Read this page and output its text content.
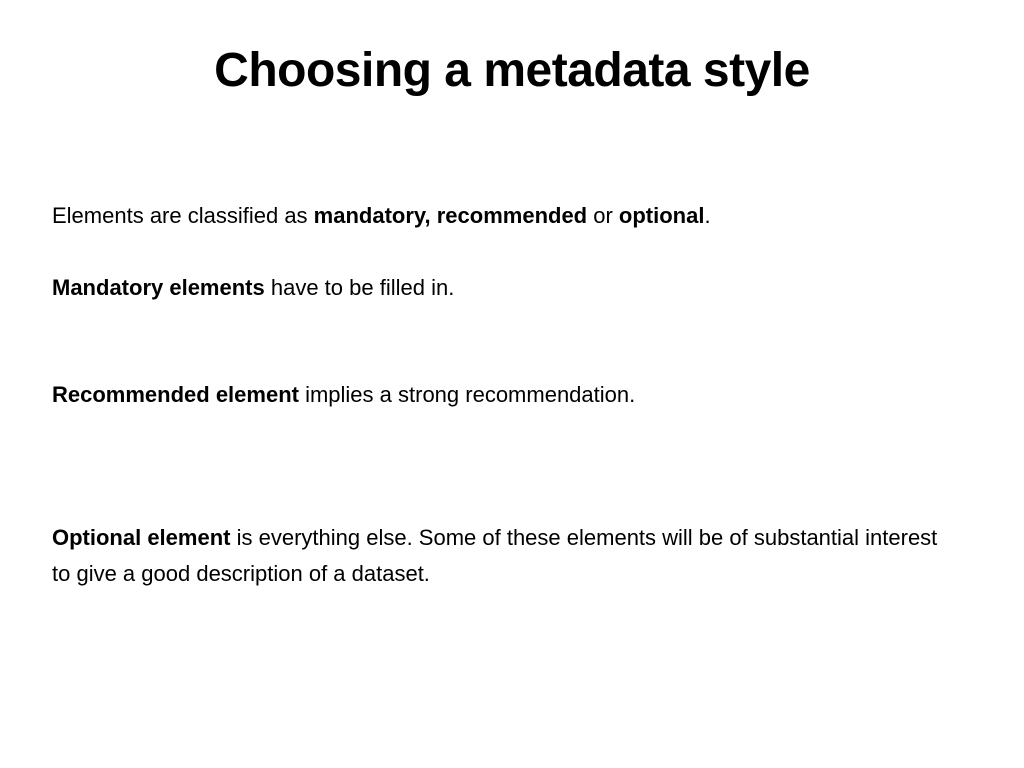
Choosing a metadata style

Elements are classified as mandatory, recommended or optional.

Mandatory elements have to be filled in.

Recommended element implies a strong recommendation.

Optional element is everything else. Some of these elements will be of substantial interest to give a good description of a dataset.
